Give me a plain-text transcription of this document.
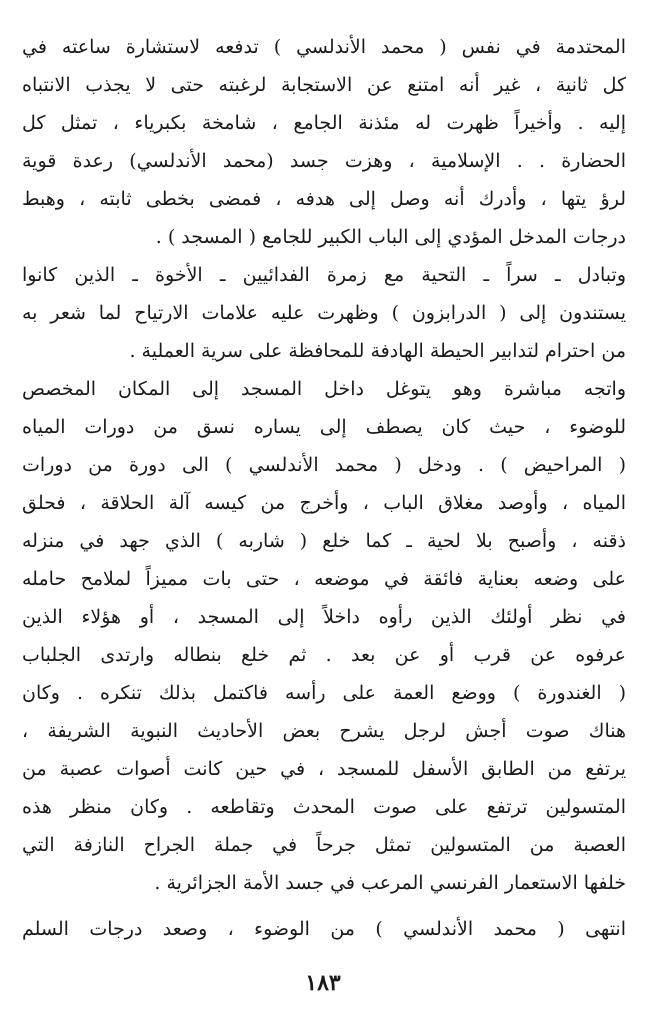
المحتدمة في نفس ( محمد الأندلسي ) تدفعه لاستشارة ساعته في
كل ثانية ، غير أنه امتنع عن الاستجابة لرغبته حتى لا يجذب الانتباه
إليه . وأخيراً ظهرت له مئذنة الجامع ، شامخة بكبرياء ، تمثل كل
الحضارة . . الإسلامية ، وهزت جسد (محمد الأندلسي) رعدة قوية
لرؤ يتها ، وأدرك أنه وصل إلى هدفه ، فمضى بخطى ثابته ، وهبط
درجات المدخل المؤدي إلى الباب الكبير للجامع ( المسجد ) .
وتبادل ـ سراً ـ التحية مع زمرة الفدائيين ـ الأخوة ـ الذين كانوا
يستندون إلى ( الدرابزون ) وظهرت عليه علامات الارتياح لما شعر به
من احترام لتدابير الحيطة الهادفة للمحافظة على سرية العملية .
واتجه مباشرة وهو يتوغل داخل المسجد إلى المكان المخصص
للوضوء ، حيث كان يصطف إلى يساره نسق من دورات المياه
( المراحيض ) . ودخل ( محمد الأندلسي ) الى دورة من دورات
المياه ، وأوصد مغلاق الباب ، وأخرج من كيسه آلة الحلاقة ، فحلق
ذقنه ، وأصبح بلا لحية ـ كما خلع ( شاربه ) الذي جهد في منزله
على وضعه بعناية فائقة في موضعه ، حتى بات مميزاً لملامح حامله
في نظر أولئك الذين رأوه داخلاً إلى المسجد ، أو هؤلاء الذين
عرفوه عن قرب أو عن بعد . ثم خلع بنطاله وارتدى الجلباب
( الغندورة ) ووضع العمة على رأسه فاكتمل بذلك تنكره . وكان
هناك صوت أجش لرجل يشرح بعض الأحاديث النبوية الشريفة ،
يرتفع من الطابق الأسفل للمسجد ، في حين كانت أصوات عصبة من
المتسولين ترتفع على صوت المحدث وتقاطعه . وكان منظر هذه
العصبة من المتسولين تمثل جرحاً في جملة الجراح النازفة التي
خلفها الاستعمار الفرنسي المرعب في جسد الأمة الجزائرية .
انتهى ( محمد الأندلسي ) من الوضوء ، وصعد درجات السلم
١٨٣
